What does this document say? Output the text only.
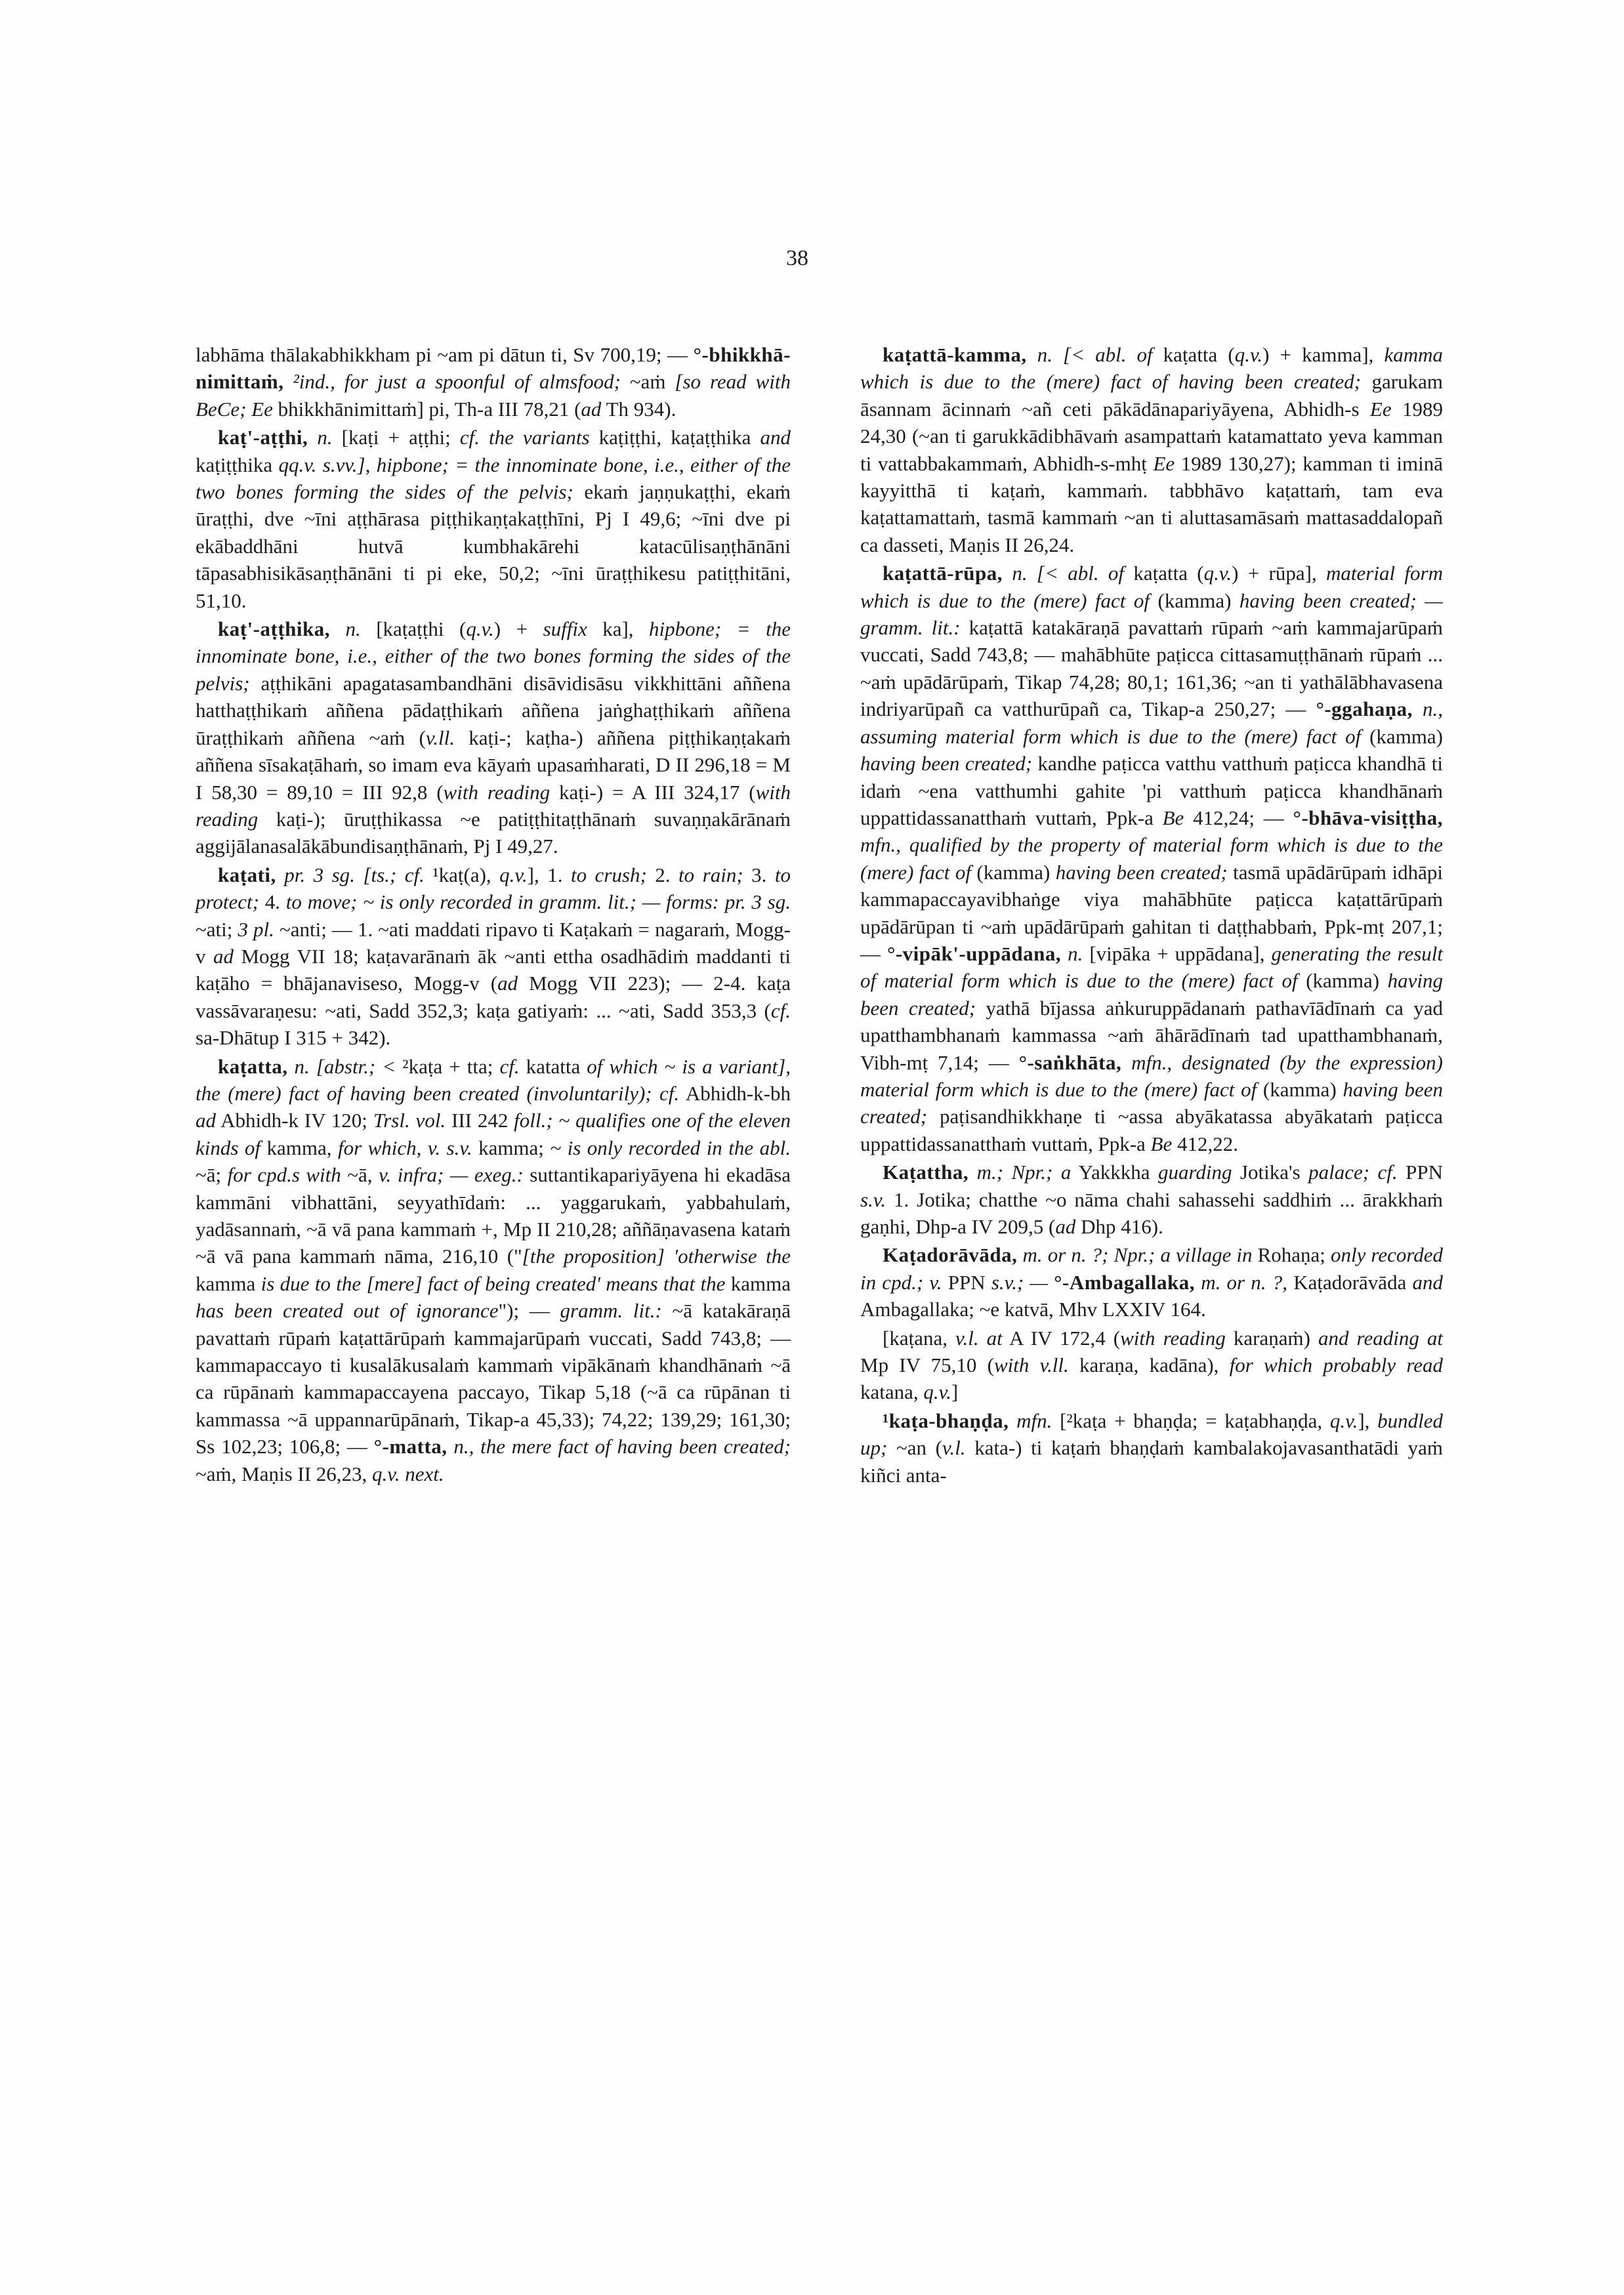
38

labhāma thālakabhikkham pi ~am pi dātun ti, Sv 700,19; — °-bhikkhā-nimittaṁ, ²ind., for just a spoonful of almsfood; ~aṁ [so read with BeCe; Ee bhikkhānimittaṁ] pi, Th-a III 78,21 (ad Th 934).

kaṭ'-aṭṭhi, n. [kaṭi + aṭṭhi; cf. the variants kaṭiṭṭhi, kaṭaṭṭhika and kaṭiṭṭhika qq.v. s.vv.], hipbone; = the innominate bone, i.e., either of the two bones forming the sides of the pelvis; ekaṁ jaṇṇukaṭṭhi, ekaṁ ūraṭṭhi, dve ~īni aṭṭhārasa piṭṭhikaṇṭakaṭṭhīni, Pj I 49,6; ~īni dve pi ekābaddhāni hutvā kumbhakārehi katacūlisaṇṭhānāni tāpasabhisikāsaṇṭhānāni ti pi eke, 50,2; ~īni ūraṭṭhikesu patiṭṭhitāni, 51,10.

kaṭ'-aṭṭhika, n. [kaṭaṭṭhi (q.v.) + suffix ka], hipbone; = the innominate bone, i.e., either of the two bones forming the sides of the pelvis; aṭṭhikāni apagatasambandhāni disāvidisāsu vikkhittāni aññena hatthaṭṭhikaṁ aññena pādaṭṭhikaṁ aññena jaṅghaṭṭhikaṁ aññena ūraṭṭhikaṁ aññena ~aṁ (v.ll. kaṭi-; kaṭha-) aññena piṭṭhikaṇṭakaṁ aññena sīsakaṭāhaṁ, so imam eva kāyaṁ upasaṁharati, D II 296,18 = M I 58,30 = 89,10 = III 92,8 (with reading kaṭi-) = A III 324,17 (with reading kaṭi-); ūruṭṭhikassa ~e patiṭṭhitaṭṭhānaṁ suvaṇṇakārānaṁ aggijālanasalākābundisaṇṭhānaṁ, Pj I 49,27.

kaṭati, pr. 3 sg. [ts.; cf. ¹kaṭ(a), q.v.], 1. to crush; 2. to rain; 3. to protect; 4. to move; ~ is only recorded in gramm. lit.; — forms: pr. 3 sg. ~ati; 3 pl. ~anti; — 1. ~ati maddati ripavo ti Kaṭakaṁ = nagaraṁ, Mogg-v ad Mogg VII 18; kaṭavarānaṁ āk ~anti ettha osadhādiṁ maddanti ti kaṭāho = bhājanaviseso, Mogg-v (ad Mogg VII 223); — 2-4. kaṭa vassāvaraṇesu: ~ati, Sadd 352,3; kaṭa gatiyaṁ: ... ~ati, Sadd 353,3 (cf. sa-Dhātup I 315 + 342).

kaṭatta, n. [abstr.; < ²kaṭa + tta; cf. katatta of which ~ is a variant], the (mere) fact of having been created (involuntarily); cf. Abhidh-k-bh ad Abhidh-k IV 120; Trsl. vol. III 242 foll.; ~ qualifies one of the eleven kinds of kamma, for which, v. s.v. kamma; ~ is only recorded in the abl. ~ā; for cpd.s with ~ā, v. infra; — exeg.: suttantikapariyāyena hi ekadāsa kammāni vibhattāni, seyyathīdaṁ: ... yaggarukaṁ, yabbahulaṁ, yadāsannaṁ, ~ā vā pana kammaṁ +, Mp II 210,28; aññāṇavasena kataṁ ~ā vā pana kammaṁ nāma, 216,10 ("[the proposition] 'otherwise the kamma is due to the [mere] fact of being created' means that the kamma has been created out of ignorance"); — gramm. lit.: ~ā katakāraṇā pavattaṁ rūpaṁ kaṭattārūpaṁ kammajarūpaṁ vuccati, Sadd 743,8; — kammapaccayo ti kusalākusalaṁ kammaṁ vipākānaṁ khandhānaṁ ~ā ca rūpānaṁ kammapaccayena paccayo, Tikap 5,18 (~ā ca rūpānan ti kammassa ~ā uppannarūpānaṁ, Tikap-a 45,33); 74,22; 139,29; 161,30; Ss 102,23; 106,8; — °-matta, n., the mere fact of having been created; ~aṁ, Maṇis II 26,23, q.v. next.

kaṭattā-kamma, n. [< abl. of kaṭatta (q.v.) + kamma], kamma which is due to the (mere) fact of having been created; garukam āsannam ācinnaṁ ~añ ceti pākādānapariyāyena, Abhidh-s Ee 1989 24,30 (~an ti garukkādibhāvaṁ asampattaṁ katamattato yeva kamman ti vattabbakammaṁ, Abhidh-s-mhṭ Ee 1989 130,27); kamman ti iminā kayyitthā ti kaṭaṁ, kammaṁ. tabbhāvo kaṭattaṁ, tam eva kaṭattamattaṁ, tasmā kammaṁ ~an ti aluttasamāsaṁ mattasaddalopañ ca dasseti, Maṇis II 26,24.

kaṭattā-rūpa, n. [< abl. of kaṭatta (q.v.) + rūpa], material form which is due to the (mere) fact of (kamma) having been created; — gramm. lit.: kaṭattā katakāraṇā pavattaṁ rūpaṁ ~aṁ kammajarūpaṁ vuccati, Sadd 743,8; — mahābhūte paṭicca cittasamuṭṭhānaṁ rūpaṁ ... ~aṁ upādārūpaṁ, Tikap 74,28; 80,1; 161,36; ~an ti yathālābhavasena indriyarūpañ ca vatthurūpañ ca, Tikap-a 250,27; — °-ggahaṇa, n., assuming material form which is due to the (mere) fact of (kamma) having been created; kandhe paṭicca vatthu vatthuṁ paṭicca khandhā ti idaṁ ~ena vatthumhi gahite 'pi vatthuṁ paṭicca khandhānaṁ uppattidassanatthaṁ vuttaṁ, Ppk-a Be 412,24; — °-bhāva-visiṭṭha, mfn., qualified by the property of material form which is due to the (mere) fact of (kamma) having been created; tasmā upādārūpaṁ idhāpi kammapaccayavibhaṅge viya mahābhūte paṭicca kaṭattārūpaṁ upādārūpan ti ~aṁ upādārūpaṁ gahitan ti daṭṭhabbaṁ, Ppk-mṭ 207,1; — °-vipāk'-uppādana, n. [vipāka + uppādana], generating the result of material form which is due to the (mere) fact of (kamma) having been created; yathā bījassa aṅkuruppādanaṁ pathavīādīnaṁ ca yad upatthambhanaṁ kammassa ~aṁ āhārādīnaṁ tad upatthambhanaṁ, Vibh-mṭ 7,14; — °-saṅkhāta, mfn., designated (by the expression) material form which is due to the (mere) fact of (kamma) having been created; paṭisandhikkhaṇe ti ~assa abyākatassa abyākataṁ paṭicca uppattidassanatthaṁ vuttaṁ, Ppk-a Be 412,22.

Kaṭattha, m.; Npr.; a Yakkkha guarding Jotika's palace; cf. PPN s.v. 1. Jotika; chatthe ~o nāma chahi sahassehi saddhiṁ ... ārakkhaṁ gaṇhi, Dhp-a IV 209,5 (ad Dhp 416).

Kaṭadorāvāda, m. or n. ?; Npr.; a village in Rohaṇa; only recorded in cpd.; v. PPN s.v.; — °-Ambagallaka, m. or n. ?, Kaṭadorāvāda and Ambagallaka; ~e katvā, Mhv LXXIV 164.

[kaṭana, v.l. at A IV 172,4 (with reading karaṇaṁ) and reading at Mp IV 75,10 (with v.ll. karaṇa, kadāna), for which probably read katana, q.v.]

¹kaṭa-bhaṇḍa, mfn. [²kaṭa + bhaṇḍa; = kaṭabhaṇḍa, q.v.], bundled up; ~an (v.l. kata-) ti kaṭaṁ bhaṇḍaṁ kambalakojavasanthatādi yaṁ kiñci anta-
